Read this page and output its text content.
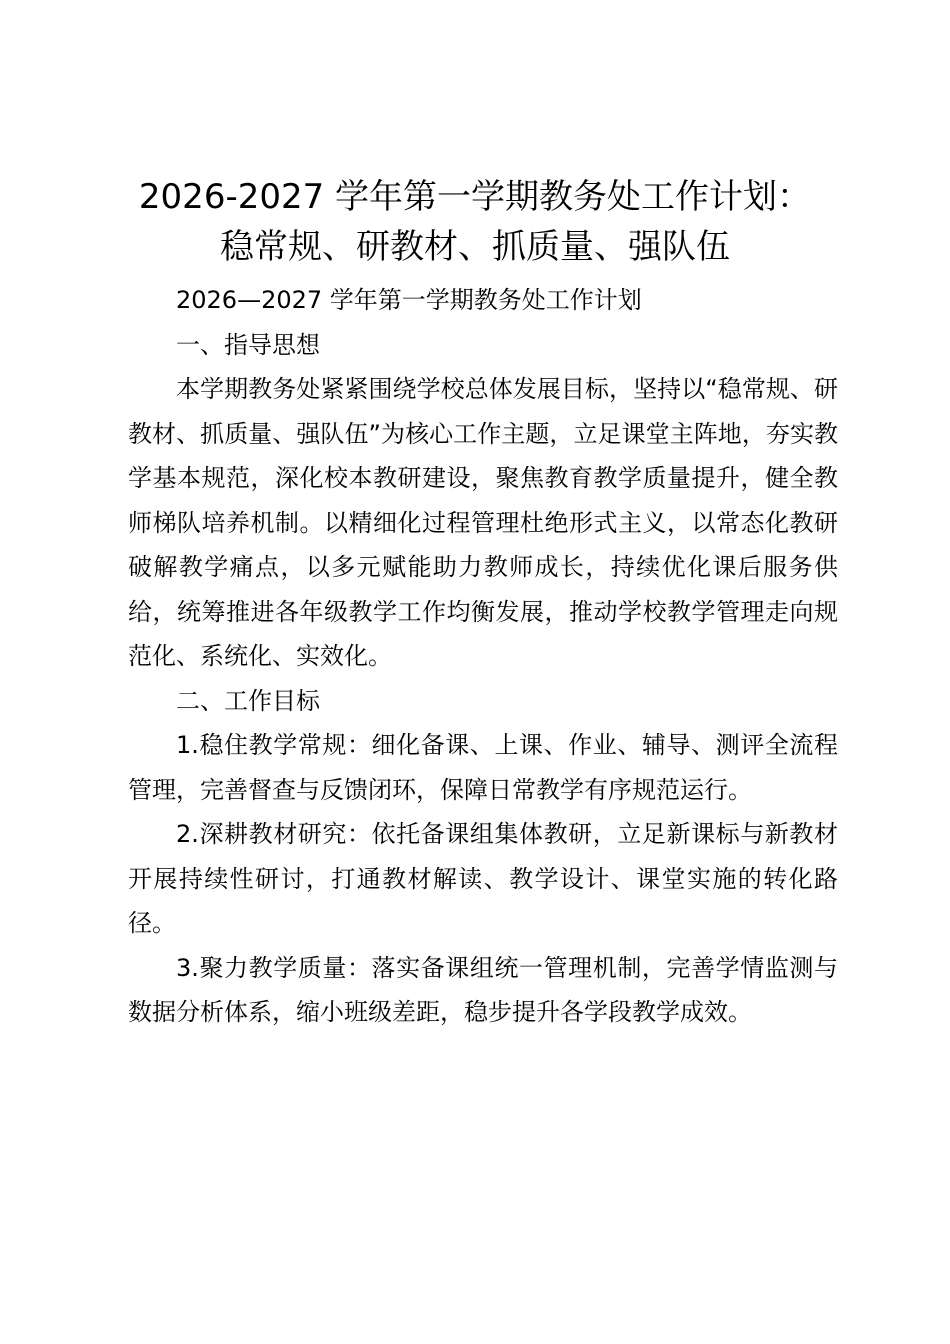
2026-2027 学年第一学期教务处工作计划：
稳常规、研教材、抓质量、强队伍

2026—2027 学年第一学期教务处工作计划

一、指导思想

本学期教务处紧紧围绕学校总体发展目标，坚持以“稳常规、研教材、抓质量、强队伍”为核心工作主题，立足课堂主阵地，夯实教学基本规范，深化校本教研建设，聚焦教育教学质量提升，健全教师梯队培养机制。以精细化过程管理杜绝形式主义，以常态化教研破解教学痛点，以多元赋能助力教师成长，持续优化课后服务供给，统筹推进各年级教学工作均衡发展，推动学校教学管理走向规范化、系统化、实效化。

二、工作目标

1.稳住教学常规：细化备课、上课、作业、辅导、测评全流程管理，完善督查与反馈闭环，保障日常教学有序规范运行。

2.深耕教材研究：依托备课组集体教研，立足新课标与新教材开展持续性研讨，打通教材解读、教学设计、课堂实施的转化路径。

3.聚力教学质量：落实备课组统一管理机制，完善学情监测与数据分析体系，缩小班级差距，稳步提升各学段教学成效。
